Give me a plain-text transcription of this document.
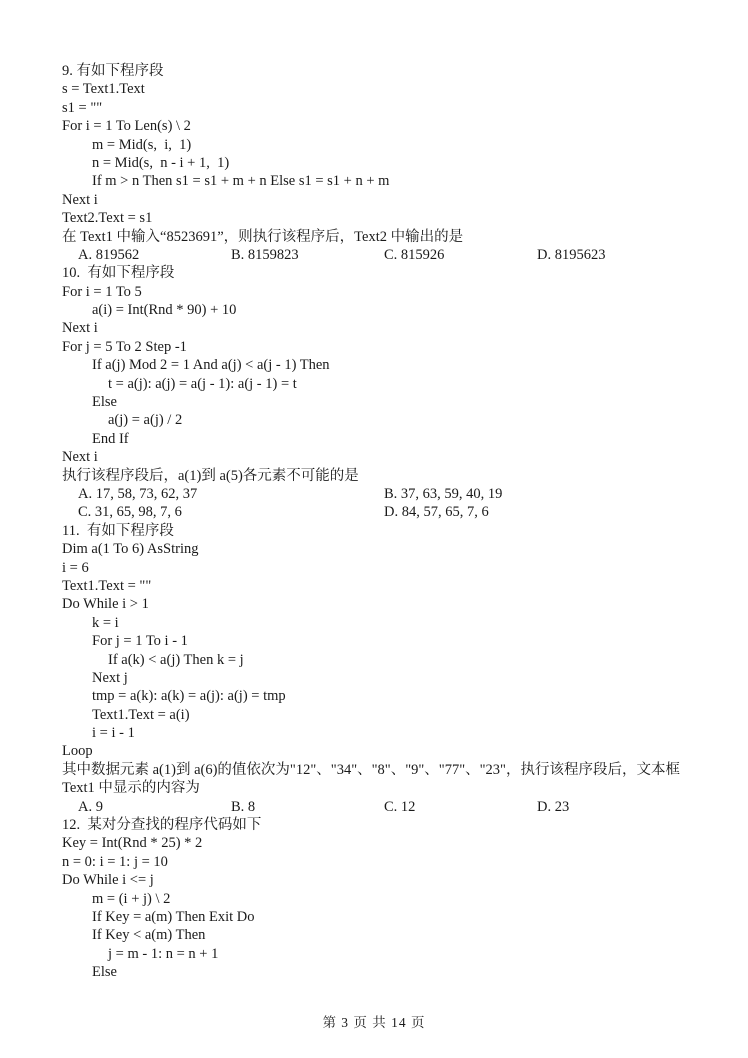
9. 有如下程序段
s = Text1.Text
s1 = ""
For i = 1 To Len(s) \ 2
m = Mid(s,  i,  1)
n = Mid(s,  n - i + 1,  1)
If m > n Then s1 = s1 + m + n Else s1 = s1 + n + m
Next i
Text2.Text = s1
在 Text1 中输入“8523691”，则执行该程序后，Text2 中输出的是
A. 819562	B. 8159823	C. 815926	D. 8195623
10.  有如下程序段
For i = 1 To 5
a(i) = Int(Rnd * 90) + 10
Next i
For j = 5 To 2 Step -1
If a(j) Mod 2 = 1 And a(j) < a(j - 1) Then
t = a(j): a(j) = a(j - 1): a(j - 1) = t
Else
a(j) = a(j) / 2
End If
Next i
执行该程序段后，a(1)到 a(5)各元素不可能的是
A. 17, 58, 73, 62, 37	B. 37, 63, 59, 40, 19
C. 31, 65, 98, 7, 6	D. 84, 57, 65, 7, 6
11.  有如下程序段
Dim a(1 To 6) AsString
i = 6
Text1.Text = ""
Do While i > 1
k = i
For j = 1 To i - 1
If a(k) < a(j) Then k = j
Next j
tmp = a(k): a(k) = a(j): a(j) = tmp
Text1.Text = a(i)
i = i - 1
Loop
其中数据元素 a(1)到 a(6)的值依次为"12"、"34"、"8"、"9"、"77"、"23"，执行该程序段后，文本框 Text1 中显示的内容为
A. 9	B. 8	C. 12	D. 23
12.  某对分查找的程序代码如下
Key = Int(Rnd * 25) * 2
n = 0: i = 1: j = 10
Do While i <= j
m = (i + j) \ 2
If Key = a(m) Then Exit Do
If Key < a(m) Then
j = m - 1: n = n + 1
Else
第 3 页 共 14 页
